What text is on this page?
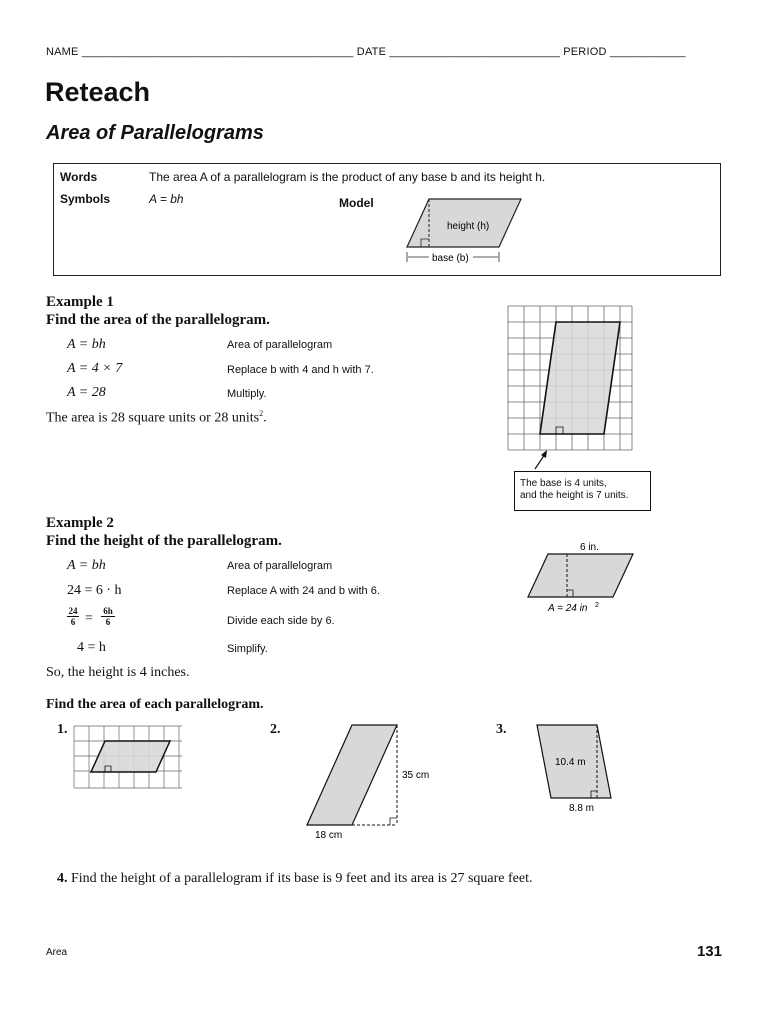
NAME ___________________________________________ DATE ___________________________ PERIOD ____________
Reteach
Area of Parallelograms
Words	The area A of a parallelogram is the product of any base b and its height h.
Symbols	A = bh	Model
height (h)
base (b)
Example 1
Find the area of the parallelogram.
A = bh	Area of parallelogram
A = 4 × 7	Replace b with 4 and h with 7.
A = 28	Multiply.
The area is 28 square units or 28 units$^2$.
The base is 4 units,
and the height is 7 units.
Example 2
Find the height of the parallelogram.
A = bh	Area of parallelogram
24 = 6 · h	Replace A with 24 and b with 6.
$\frac{24}{6} = \frac{6h}{6}$	Divide each side by 6.
4 = h	Simplify.
So, the height is 4 inches.
6 in.
A = 24 in 2
Find the area of each parallelogram.
1.	2.
35 cm
18 cm
3.
10.4 m
8.8 m
4. Find the height of a parallelogram if its base is 9 feet and its area is 27 square feet.
Area	131
